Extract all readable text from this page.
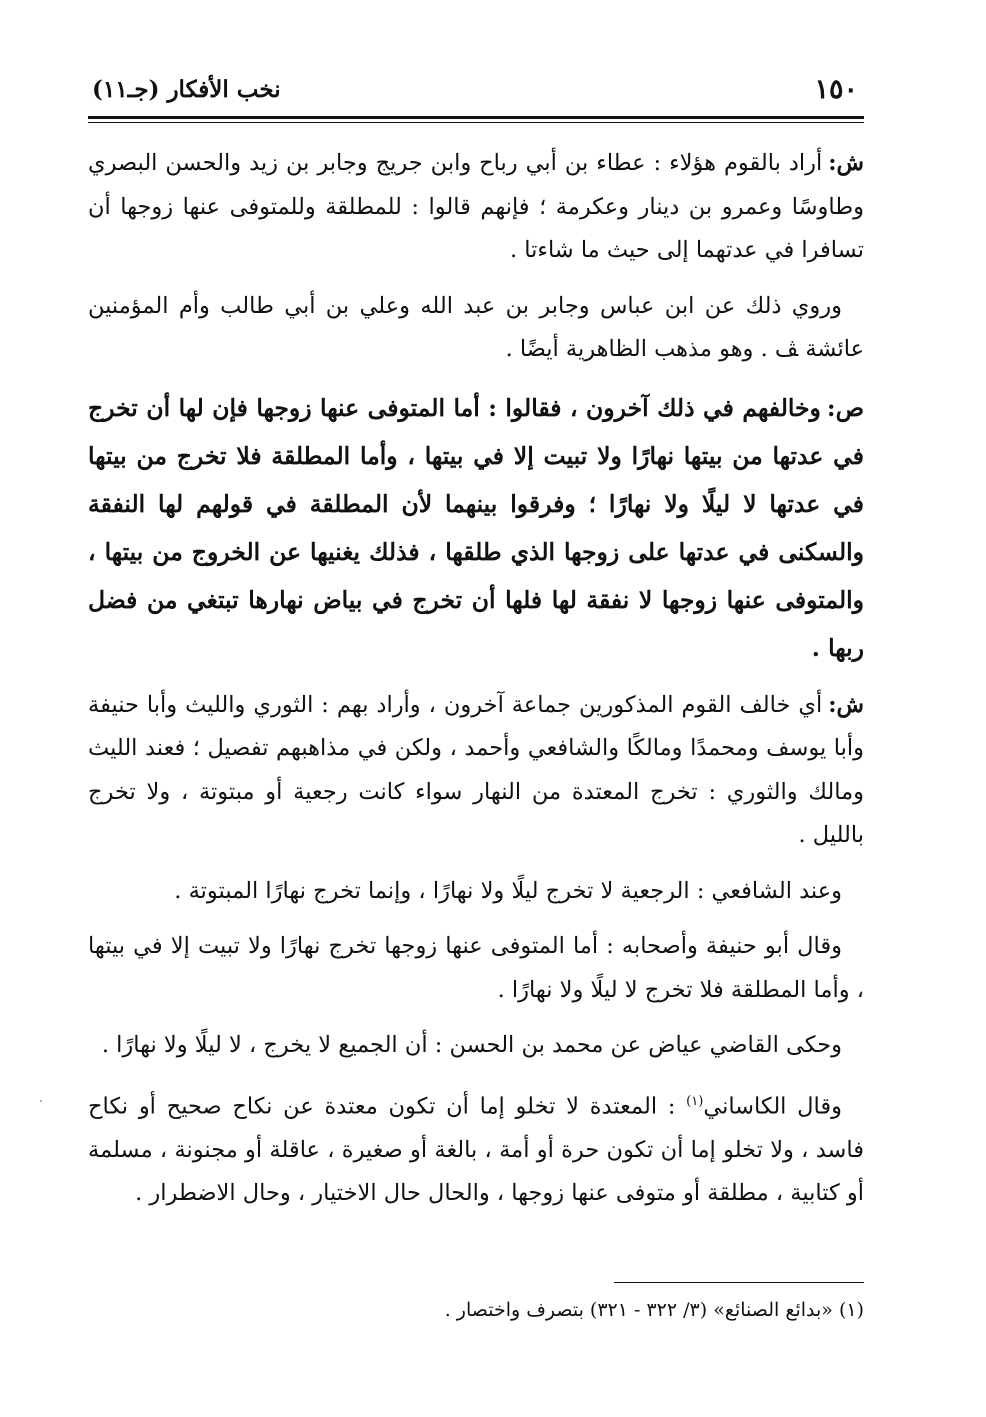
١٥٠
نخب الأفكار (جـ١١)

ش:أراد بالقوم هؤلاء : عطاء بن أبي رباح وابن جريج وجابر بن زيد والحسن البصري وطاوسًا وعمرو بن دينار وعكرمة ؛ فإنهم قالوا : للمطلقة وللمتوفى عنها زوجها أن تسافرا في عدتهما إلى حيث ما شاءتا .

وروي ذلك عن ابن عباس وجابر بن عبد الله وعلي بن أبي طالب وأم المؤمنين عائشة ﭫ . وهو مذهب الظاهرية أيضًا .

ص:وخالفهم في ذلك آخرون ، فقالوا : أما المتوفى عنها زوجها فإن لها أن تخرج في عدتها من بيتها نهارًا ولا تبيت إلا في بيتها ، وأما المطلقة فلا تخرج من بيتها في عدتها لا ليلًا ولا نهارًا ؛ وفرقوا بينهما لأن المطلقة في قولهم لها النفقة والسكنى في عدتها على زوجها الذي طلقها ، فذلك يغنيها عن الخروج من بيتها ، والمتوفى عنها زوجها لا نفقة لها فلها أن تخرج في بياض نهارها تبتغي من فضل ربها .

ش:أي خالف القوم المذكورين جماعة آخرون ، وأراد بهم : الثوري والليث وأبا حنيفة وأبا يوسف ومحمدًا ومالكًا والشافعي وأحمد ، ولكن في مذاهبهم تفصيل ؛ فعند الليث ومالك والثوري : تخرج المعتدة من النهار سواء كانت رجعية أو مبتوتة ، ولا تخرج بالليل .

وعند الشافعي : الرجعية لا تخرج ليلًا ولا نهارًا ، وإنما تخرج نهارًا المبتوتة .

وقال أبو حنيفة وأصحابه : أما المتوفى عنها زوجها تخرج نهارًا ولا تبيت إلا في بيتها ، وأما المطلقة فلا تخرج لا ليلًا ولا نهارًا .

وحكى القاضي عياض عن محمد بن الحسن : أن الجميع لا يخرج ، لا ليلًا ولا نهارًا .

وقال الكاساني$^{(١)}$ : المعتدة لا تخلو إما أن تكون معتدة عن نكاح صحيح أو نكاح فاسد ، ولا تخلو إما أن تكون حرة أو أمة ، بالغة أو صغيرة ، عاقلة أو مجنونة ، مسلمة أو كتابية ، مطلقة أو متوفى عنها زوجها ، والحال حال الاختيار ، وحال الاضطرار .

(١) «بدائع الصنائع» (٣/ ٣٢٢ - ٣٢١) بتصرف واختصار .
